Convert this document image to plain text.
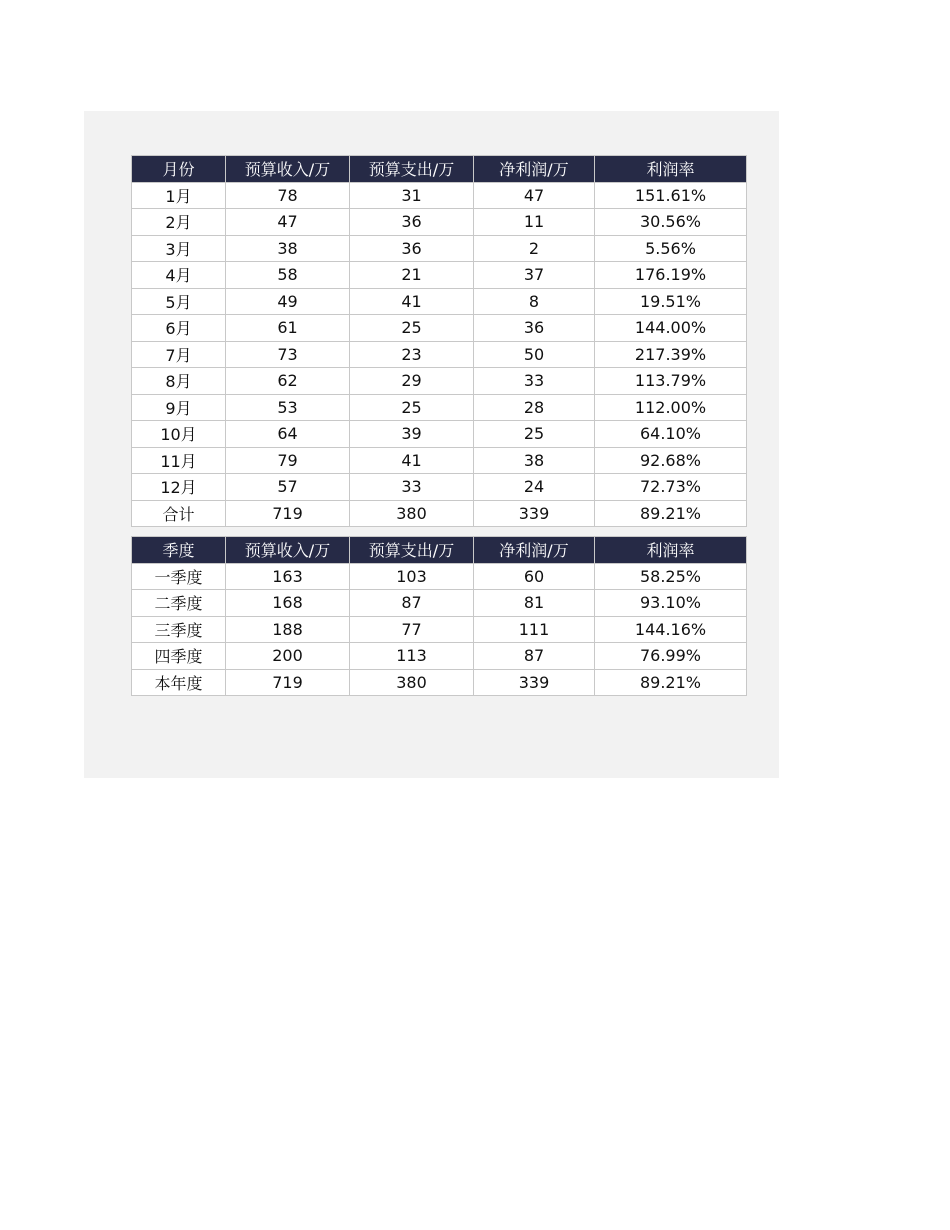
月份	预算收入/万	预算支出/万	净利润/万	利润率
1月	78	31	47	151.61%
2月	47	36	11	30.56%
3月	38	36	2	5.56%
4月	58	21	37	176.19%
5月	49	41	8	19.51%
6月	61	25	36	144.00%
7月	73	23	50	217.39%
8月	62	29	33	113.79%
9月	53	25	28	112.00%
10月	64	39	25	64.10%
11月	79	41	38	92.68%
12月	57	33	24	72.73%
合计	719	380	339	89.21%
季度	预算收入/万	预算支出/万	净利润/万	利润率
一季度	163	103	60	58.25%
二季度	168	87	81	93.10%
三季度	188	77	111	144.16%
四季度	200	113	87	76.99%
本年度	719	380	339	89.21%
